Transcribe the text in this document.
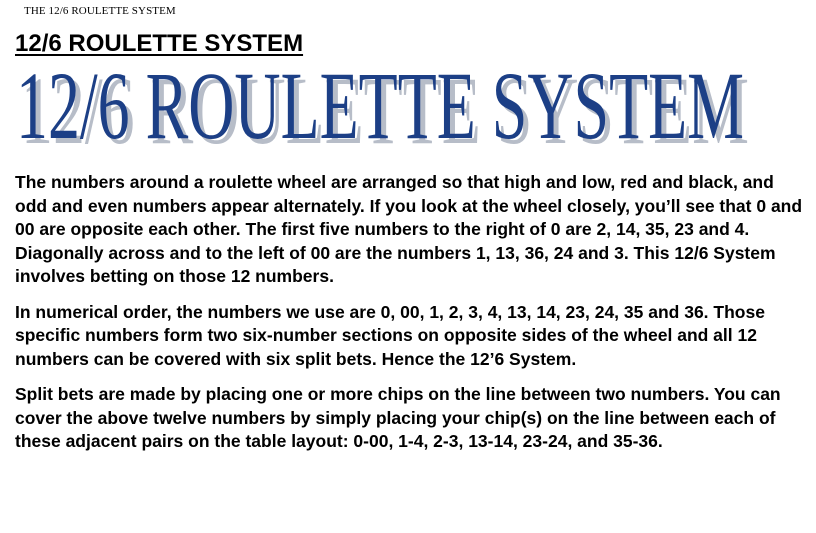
THE 12/6 ROULETTE SYSTEM
12/6 ROULETTE SYSTEM
12/6 ROULETTE SYSTEM
12/6 ROULETTE SYSTEM

The numbers around a roulette wheel are arranged so that high and low, red and black, and odd and even numbers appear alternately. If you look at the wheel closely, you’ll see that 0 and 00 are opposite each other. The first five numbers to the right of 0 are 2, 14, 35, 23 and 4. Diagonally across and to the left of 00 are the numbers 1, 13, 36, 24 and 3. This 12/6 System involves betting on those 12 numbers.

In numerical order, the numbers we use are 0, 00, 1, 2, 3, 4, 13, 14, 23, 24, 35 and 36. Those specific numbers form two six-number sections on opposite sides of the wheel and all 12 numbers can be covered with six split bets. Hence the 12’6 System.

Split bets are made by placing one or more chips on the line between two numbers. You can cover the above twelve numbers by simply placing your chip(s) on the line between each of these adjacent pairs on the table layout: 0-00, 1-4, 2-3, 13-14, 23-24, and 35-36.
